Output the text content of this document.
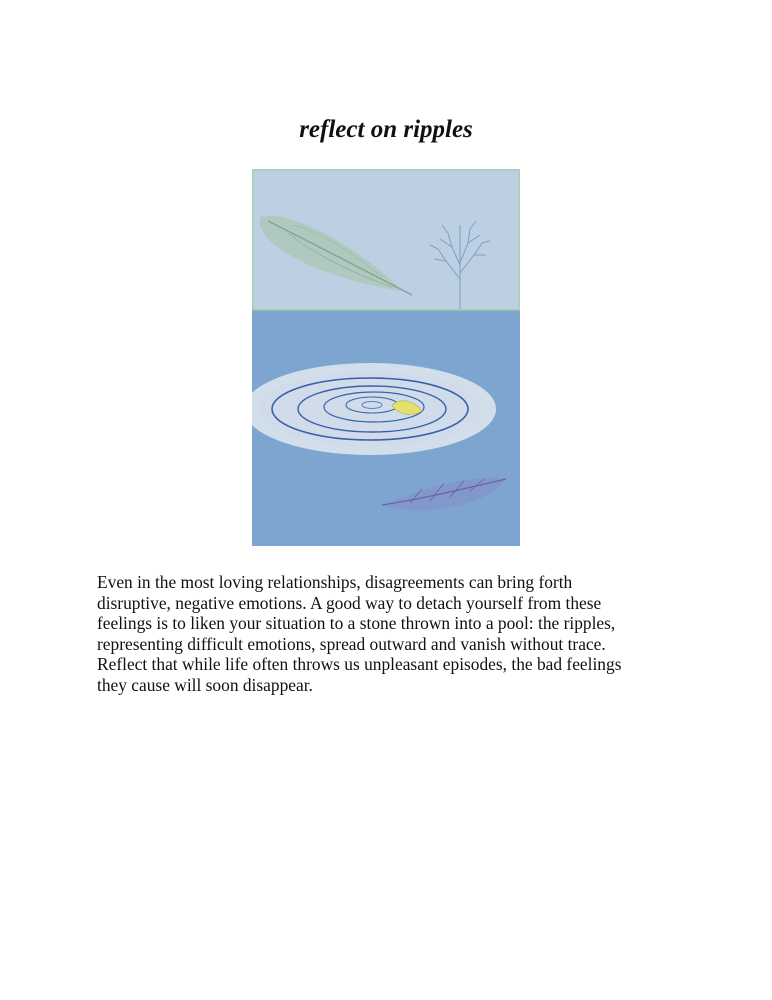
reflect on ripples

Even in the most loving relationships, disagreements can bring forth
disruptive, negative emotions. A good way to detach yourself from these
feelings is to liken your situation to a stone thrown into a pool: the ripples,
representing difficult emotions, spread outward and vanish without trace.
Reflect that while life often throws us unpleasant episodes, the bad feelings
they cause will soon disappear.
